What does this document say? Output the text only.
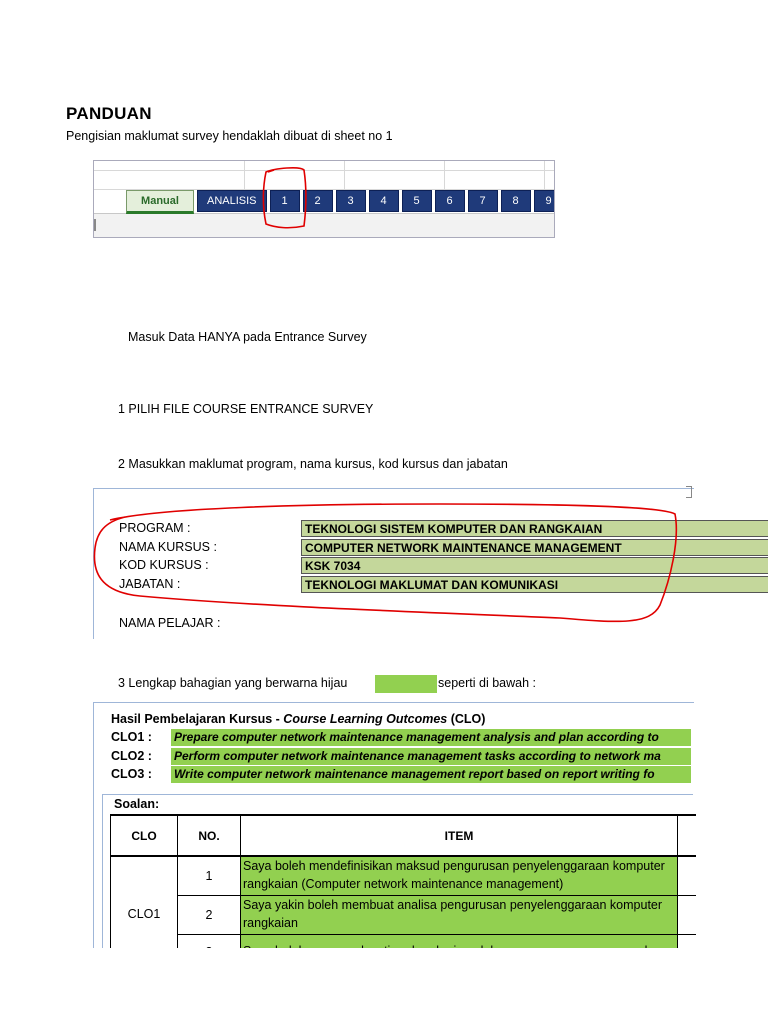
PANDUAN
Pengisian maklumat survey hendaklah dibuat di sheet no 1
Manual	ANALISIS	1	2	3	4	5	6	7	8	9
Masuk Data HANYA pada Entrance Survey
1 PILIH FILE COURSE ENTRANCE SURVEY
2 Masukkan maklumat program, nama kursus, kod kursus dan jabatan
PROGRAM :	TEKNOLOGI SISTEM KOMPUTER DAN RANGKAIAN
NAMA KURSUS :	COMPUTER NETWORK MAINTENANCE MANAGEMENT
KOD KURSUS :	KSK 7034
JABATAN :	TEKNOLOGI MAKLUMAT DAN KOMUNIKASI
NAMA PELAJAR :
3 Lengkap bahagian yang berwarna hijau	seperti di bawah :
Hasil Pembelajaran Kursus - Course Learning Outcomes (CLO)
CLO1 : Prepare computer network maintenance management analysis and plan according to
CLO2 : Perform computer network maintenance management tasks according to network ma
CLO3 : Write computer network maintenance management report based on report writing fo
Soalan:
CLO	NO.	ITEM	
CLO1	1	Saya boleh mendefinisikan maksud pengurusan penyelenggaraan komputer rangkaian (Computer network maintenance management)	
	2	Saya yakin boleh membuat analisa pengurusan penyelenggaraan komputer rangkaian	
